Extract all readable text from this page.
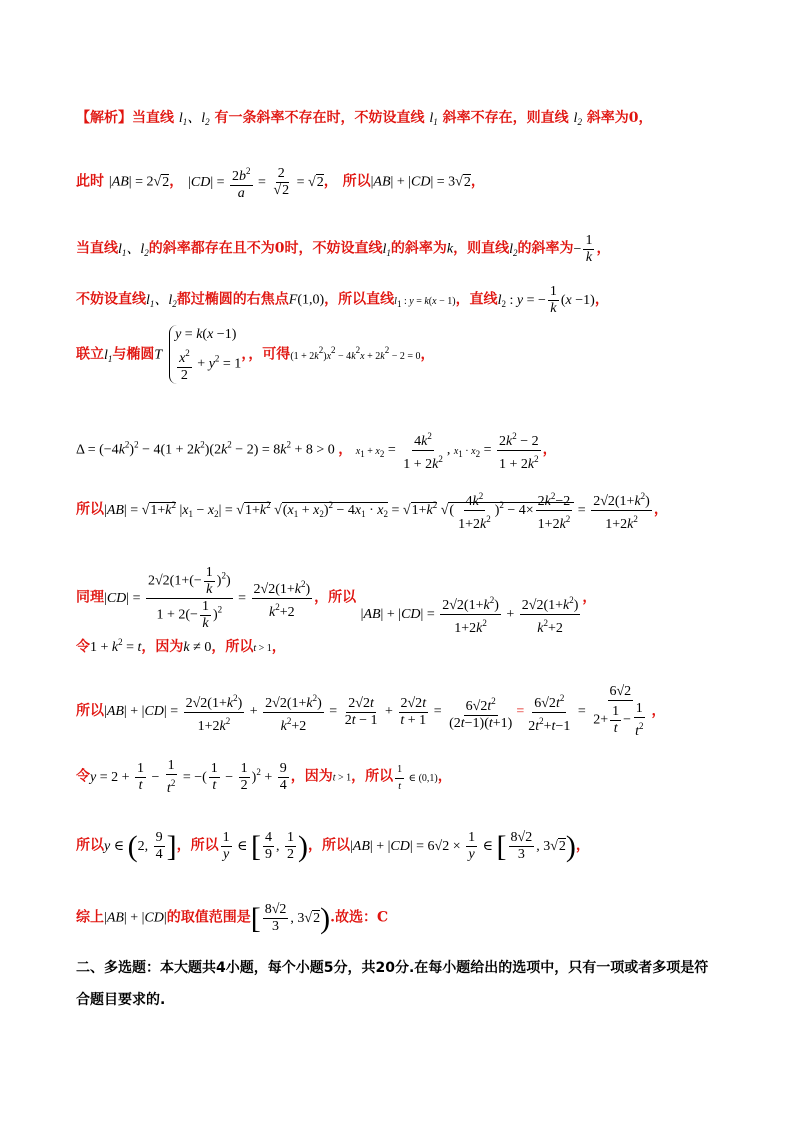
【解析】当直线 $l_1$、$l_2$ 有一条斜率不存在时，不妨设直线 $l_1$ 斜率不存在，则直线 $l_2$ 斜率为0，
此时 |AB| = 2√2， $|CD| = \frac{2b^2}{a} = \frac{2}{√2} = √2$， 所以|AB| + |CD| = 3√2，
当直线$l_1$、$l_2$的斜率都存在且不为0时，不妨设直线$l_1$的斜率为k，则直线$l_2$的斜率为− $\frac{1}{k}$ ，
不妨设直线$l_1$、$l_2$都过椭圆的右焦点F(1,0)，所以直线l1 : y = k(x − 1)，直线$l_2$ : y = − $\frac{1}{k} (x -1)$，
联立$l_1$与椭圆T
y = k(x −1)
$\frac{x^2}{2} + y^2 = 1$
，，可得(1 + 2k2)x2 − 4k2x + 2k2 − 2 = 0，
$\Delta = (-4k^2)^2 - 4(1 + 2k^2)(2k^2 - 2) = 8k^2 + 8 > 0$ ， $x1 + x2 = \frac{4k^2}{1 + 2k^2}$ , $x1 \cdot x2 = \frac{2k^2 - 2}{1 + 2k^2}$ ，
所以$|AB| = √1+k^2$ $|x_1 - x_2| = √1+k^2$ $√(x_1 + x_2)^2 - 4x_1 \cdot x_2 = √1+k^2$ √( $\frac{4k^2}{1+2k^2} )^2 - 4\times \frac{2k^2-2}{1+2k^2} = \frac{2√2(1+k^2)}{1+2k^2}$ ，
同理$|CD| = \frac{2√2(1+(- \frac{1}{k} )^2)}{1 + 2(- \frac{1}{k} )^2} = \frac{2√2(1+k^2)}{k^2+2}$ ，所以 $|AB| + |CD| = \frac{2√2(1+k^2)}{1+2k^2} + \frac{2√2(1+k^2)}{k^2+2}$ ，
令$1 + k^2 = t$，因为k ≠ 0，所以t > 1，
所以$|AB| + |CD| = \frac{2√2(1+k^2)}{1+2k^2} + \frac{2√2(1+k^2)}{k^2+2} = \frac{2√2t}{2t - 1} + \frac{2√2t}{t + 1} = \frac{6√2t^2}{(2t-1)(t+1)} = \frac{6√2t^2}{2t^2+t-1} = \frac{6√2}{2+ \frac{1}{t} - \frac{1}{t^2}}$ ，
令$y = 2 + \frac{1}{t} - \frac{1}{t^2}$ = −( $\frac{1}{t} - \frac{1}{2} )^2 + \frac{9}{4}$ ，因为t > 1，所以 $\frac{1}{t}$ ∈ (0,1)，
所以y ∈ (2, $\frac{9}{4}$ ]，所以 $\frac{1}{y}$ ∈ [ $\frac{4}{9}$ , $\frac{1}{2}$ )，所以$|AB| + |CD| = 6√2 \times \frac{1}{y}$ ∈ [ $\frac{8√2}{3}$ , 3√2)，
综上|AB| + |CD|的取值范围是[ $\frac{8√2}{3}$ , 3√2).故选：C
二、多选题：本大题共4小题，每个小题5分，共20分.在每小题给出的选项中，只有一项或者多项是符
合题目要求的.
